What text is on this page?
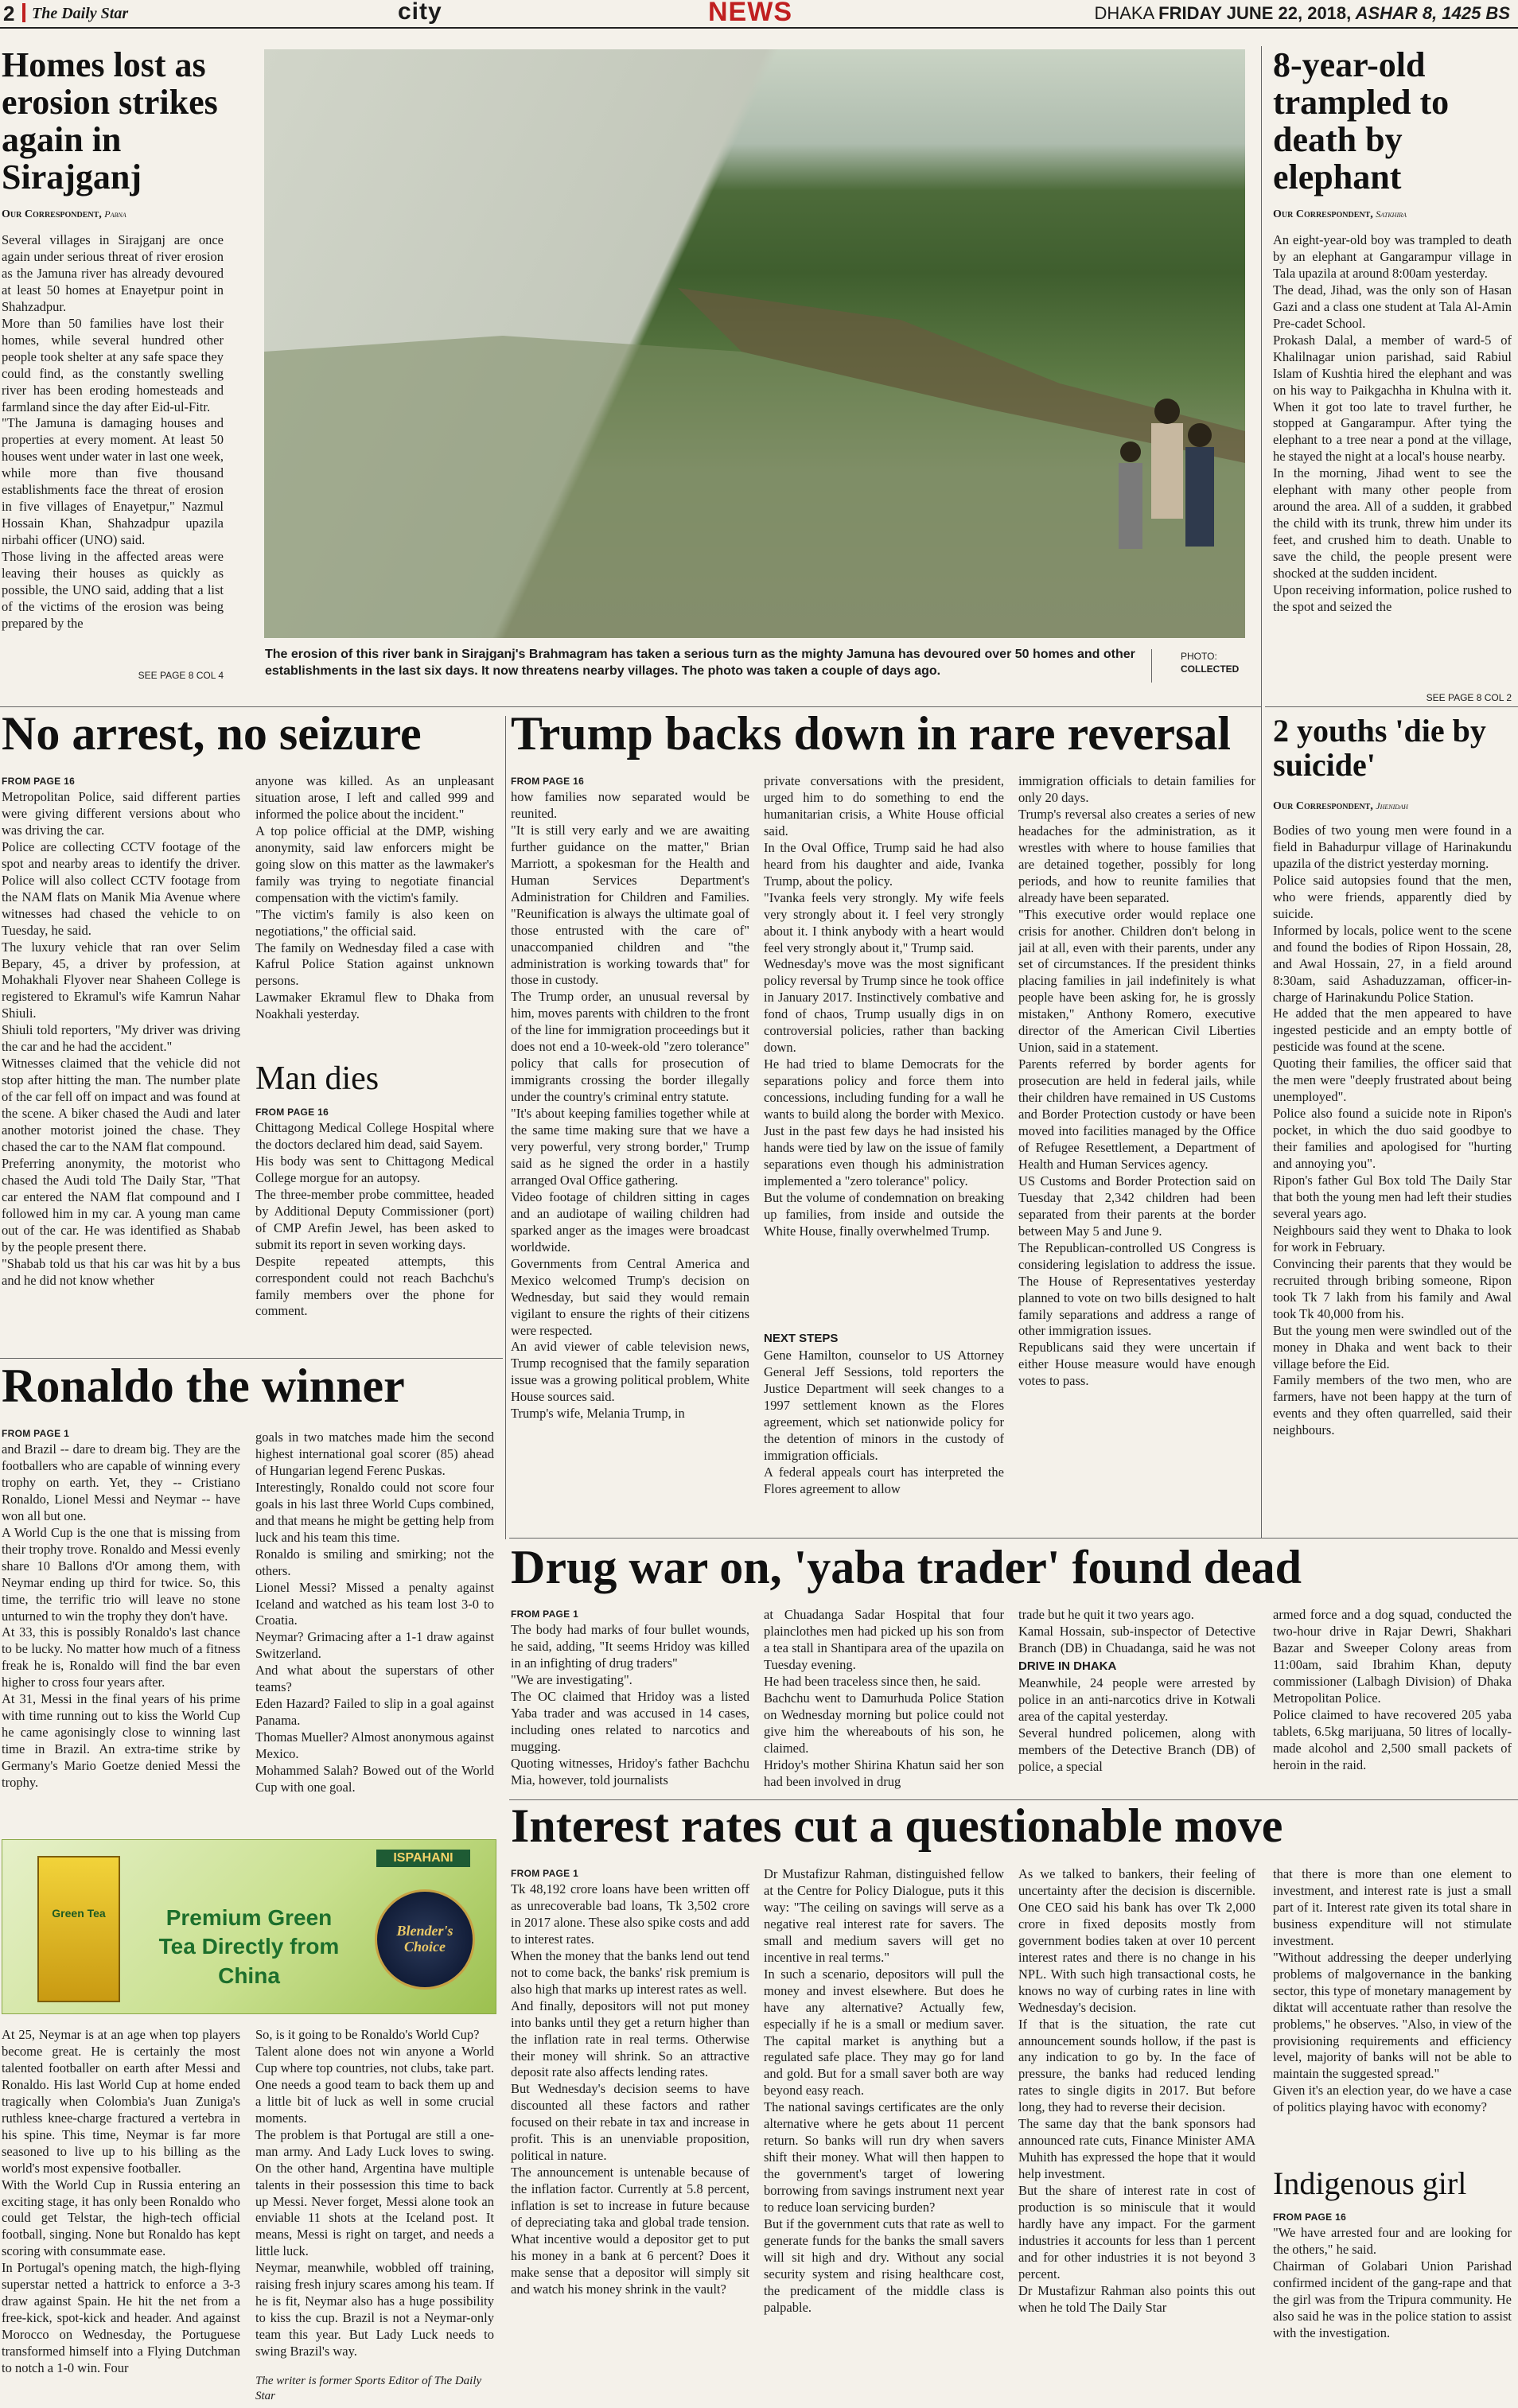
2 The Daily Star	city	NEWS	DHAKA FRIDAY JUNE 22, 2018, ASHAR 8, 1425 BS
Homes lost as erosion strikes again in Sirajganj
Our Correspondent, Pabna
Several villages in Sirajganj are once again under serious threat of river erosion as the Jamuna river has already devoured at least 50 homes at Enayetpur point in Shahzadpur.
More than 50 families have lost their homes, while several hundred other people took shelter at any safe space they could find, as the constantly swelling river has been eroding homesteads and farmland since the day after Eid-ul-Fitr.
"The Jamuna is damaging houses and properties at every moment. At least 50 houses went under water in last one week, while more than five thousand establishments face the threat of erosion in five villages of Enayetpur," Nazmul Hossain Khan, Shahzadpur upazila nirbahi officer (UNO) said.
Those living in the affected areas were leaving their houses as quickly as possible, the UNO said, adding that a list of the victims of the erosion was being prepared by the
SEE PAGE 8 COL 4
The erosion of this river bank in Sirajganj's Brahmagram has taken a serious turn as the mighty Jamuna has devoured over 50 homes and other establishments in the last six days. It now threatens nearby villages. The photo was taken a couple of days ago.
PHOTO:
COLLECTED
8-year-old trampled to death by elephant
Our Correspondent, Satkhira
An eight-year-old boy was trampled to death by an elephant at Gangarampur village in Tala upazila at around 8:00am yesterday.
The dead, Jihad, was the only son of Hasan Gazi and a class one student at Tala Al-Amin Pre-cadet School.
Prokash Dalal, a member of ward-5 of Khalilnagar union parishad, said Rabiul Islam of Kushtia hired the elephant and was on his way to Paikgachha in Khulna with it. When it got too late to travel further, he stopped at Gangarampur. After tying the elephant to a tree near a pond at the village, he stayed the night at a local's house nearby.
In the morning, Jihad went to see the elephant with many other people from around the area. All of a sudden, it grabbed the child with its trunk, threw him under its feet, and crushed him to death. Unable to save the child, the people present were shocked at the sudden incident.
Upon receiving information, police rushed to the spot and seized the
SEE PAGE 8 COL 2
No arrest, no seizure
FROM PAGE 16
Metropolitan Police, said different parties were giving different versions about who was driving the car.
Police are collecting CCTV footage of the spot and nearby areas to identify the driver. Police will also collect CCTV footage from the NAM flats on Manik Mia Avenue where witnesses had chased the vehicle to on Tuesday, he said.
The luxury vehicle that ran over Selim Bepary, 45, a driver by profession, at Mohakhali Flyover near Shaheen College is registered to Ekramul's wife Kamrun Nahar Shiuli.
Shiuli told reporters, "My driver was driving the car and he had the accident."
Witnesses claimed that the vehicle did not stop after hitting the man. The number plate of the car fell off on impact and was found at the scene. A biker chased the Audi and later another motorist joined the chase. They chased the car to the NAM flat compound.
Preferring anonymity, the motorist who chased the Audi told The Daily Star, "That car entered the NAM flat compound and I followed him in my car. A young man came out of the car. He was identified as Shabab by the people present there.
"Shabab told us that his car was hit by a bus and he did not know whether
anyone was killed. As an unpleasant situation arose, I left and called 999 and informed the police about the incident."
A top police official at the DMP, wishing anonymity, said law enforcers might be going slow on this matter as the lawmaker's family was trying to negotiate financial compensation with the victim's family.
"The victim's family is also keen on negotiations," the official said.
The family on Wednesday filed a case with Kafrul Police Station against unknown persons.
Lawmaker Ekramul flew to Dhaka from Noakhali yesterday.
Man dies
FROM PAGE 16
Chittagong Medical College Hospital where the doctors declared him dead, said Sayem.
His body was sent to Chittagong Medical College morgue for an autopsy.
The three-member probe committee, headed by Additional Deputy Commissioner (port) of CMP Arefin Jewel, has been asked to submit its report in seven working days.
Despite repeated attempts, this correspondent could not reach Bachchu's family members over the phone for comment.
Trump backs down in rare reversal
FROM PAGE 16
how families now separated would be reunited.
"It is still very early and we are awaiting further guidance on the matter," Brian Marriott, a spokesman for the Health and Human Services Department's Administration for Children and Families. "Reunification is always the ultimate goal of those entrusted with the care of" unaccompanied children and "the administration is working towards that" for those in custody.
The Trump order, an unusual reversal by him, moves parents with children to the front of the line for immigration proceedings but it does not end a 10-week-old "zero tolerance" policy that calls for prosecution of immigrants crossing the border illegally under the country's criminal entry statute.
"It's about keeping families together while at the same time making sure that we have a very powerful, very strong border," Trump said as he signed the order in a hastily arranged Oval Office gathering.
Video footage of children sitting in cages and an audiotape of wailing children had sparked anger as the images were broadcast worldwide.
Governments from Central America and Mexico welcomed Trump's decision on Wednesday, but said they would remain vigilant to ensure the rights of their citizens were respected.
An avid viewer of cable television news, Trump recognised that the family separation issue was a growing political problem, White House sources said.
Trump's wife, Melania Trump, in
private conversations with the president, urged him to do something to end the humanitarian crisis, a White House official said.
In the Oval Office, Trump said he had also heard from his daughter and aide, Ivanka Trump, about the policy.
"Ivanka feels very strongly. My wife feels very strongly about it. I feel very strongly about it. I think anybody with a heart would feel very strongly about it," Trump said.
Wednesday's move was the most significant policy reversal by Trump since he took office in January 2017. Instinctively combative and fond of chaos, Trump usually digs in on controversial policies, rather than backing down.
He had tried to blame Democrats for the separations policy and force them into concessions, including funding for a wall he wants to build along the border with Mexico. Just in the past few days he had insisted his hands were tied by law on the issue of family separations even though his administration implemented a "zero tolerance" policy.
But the volume of condemnation on breaking up families, from inside and outside the White House, finally overwhelmed Trump.
NEXT STEPS
Gene Hamilton, counselor to US Attorney General Jeff Sessions, told reporters the Justice Department will seek changes to a 1997 settlement known as the Flores agreement, which set nationwide policy for the detention of minors in the custody of immigration officials.
A federal appeals court has interpreted the Flores agreement to allow
immigration officials to detain families for only 20 days.
Trump's reversal also creates a series of new headaches for the administration, as it wrestles with where to house families that are detained together, possibly for long periods, and how to reunite families that already have been separated.
"This executive order would replace one crisis for another. Children don't belong in jail at all, even with their parents, under any set of circumstances. If the president thinks placing families in jail indefinitely is what people have been asking for, he is grossly mistaken," Anthony Romero, executive director of the American Civil Liberties Union, said in a statement.
Parents referred by border agents for prosecution are held in federal jails, while their children have remained in US Customs and Border Protection custody or have been moved into facilities managed by the Office of Refugee Resettlement, a Department of Health and Human Services agency.
US Customs and Border Protection said on Tuesday that 2,342 children had been separated from their parents at the border between May 5 and June 9.
The Republican-controlled US Congress is considering legislation to address the issue. The House of Representatives yesterday planned to vote on two bills designed to halt family separations and address a range of other immigration issues.
Republicans said they were uncertain if either House measure would have enough votes to pass.
2 youths 'die by suicide'
Our Correspondent, Jhenidah
Bodies of two young men were found in a field in Bahadurpur village of Harinakundu upazila of the district yesterday morning.
Police said autopsies found that the men, who were friends, apparently died by suicide.
Informed by locals, police went to the scene and found the bodies of Ripon Hossain, 28, and Awal Hossain, 27, in a field around 8:30am, said Ashaduzzaman, officer-in-charge of Harinakundu Police Station.
He added that the men appeared to have ingested pesticide and an empty bottle of pesticide was found at the scene.
Quoting their families, the officer said that the men were "deeply frustrated about being unemployed".
Police also found a suicide note in Ripon's pocket, in which the duo said goodbye to their families and apologised for "hurting and annoying you".
Ripon's father Gul Box told The Daily Star that both the young men had left their studies several years ago.
Neighbours said they went to Dhaka to look for work in February.
Convincing their parents that they would be recruited through bribing someone, Ripon took Tk 7 lakh from his family and Awal took Tk 40,000 from his.
But the young men were swindled out of the money in Dhaka and went back to their village before the Eid.
Family members of the two men, who are farmers, have not been happy at the turn of events and they often quarrelled, said their neighbours.
Ronaldo the winner
FROM PAGE 1
and Brazil -- dare to dream big. They are the footballers who are capable of winning every trophy on earth. Yet, they -- Cristiano Ronaldo, Lionel Messi and Neymar -- have won all but one.
A World Cup is the one that is missing from their trophy trove. Ronaldo and Messi evenly share 10 Ballons d'Or among them, with Neymar ending up third for twice. So, this time, the terrific trio will leave no stone unturned to win the trophy they don't have.
At 33, this is possibly Ronaldo's last chance to be lucky. No matter how much of a fitness freak he is, Ronaldo will find the bar even higher to cross four years after.
At 31, Messi in the final years of his prime with time running out to kiss the World Cup he came agonisingly close to winning last time in Brazil. An extra-time strike by Germany's Mario Goetze denied Messi the trophy.
goals in two matches made him the second highest international goal scorer (85) ahead of Hungarian legend Ferenc Puskas.
Interestingly, Ronaldo could not score four goals in his last three World Cups combined, and that means he might be getting help from luck and his team this time.
Ronaldo is smiling and smirking; not the others.
Lionel Messi? Missed a penalty against Iceland and watched as his team lost 3-0 to Croatia.
Neymar? Grimacing after a 1-1 draw against Switzerland.
And what about the superstars of other teams?
Eden Hazard? Failed to slip in a goal against Panama.
Thomas Mueller? Almost anonymous against Mexico.
Mohammed Salah? Bowed out of the World Cup with one goal.
Green Tea	Premium Green Tea Directly from China
ISPAHANI
Blender's Choice
At 25, Neymar is at an age when top players become great. He is certainly the most talented footballer on earth after Messi and Ronaldo. His last World Cup at home ended tragically when Colombia's Juan Zuniga's ruthless knee-charge fractured a vertebra in his spine. This time, Neymar is far more seasoned to live up to his billing as the world's most expensive footballer.
With the World Cup in Russia entering an exciting stage, it has only been Ronaldo who could get Telstar, the high-tech official football, singing. None but Ronaldo has kept scoring with consummate ease.
In Portugal's opening match, the high-flying superstar netted a hattrick to enforce a 3-3 draw against Spain. He hit the net from a free-kick, spot-kick and header. And against Morocco on Wednesday, the Portuguese transformed himself into a Flying Dutchman to notch a 1-0 win. Four
So, is it going to be Ronaldo's World Cup?
Talent alone does not win anyone a World Cup where top countries, not clubs, take part. One needs a good team to back them up and a little bit of luck as well in some crucial moments.
The problem is that Portugal are still a one-man army. And Lady Luck loves to swing. On the other hand, Argentina have multiple talents in their possession this time to back up Messi. Never forget, Messi alone took an enviable 11 shots at the Iceland post. It means, Messi is right on target, and needs a little luck.
Neymar, meanwhile, wobbled off training, raising fresh injury scares among his team. If he is fit, Neymar also has a huge possibility to kiss the cup. Brazil is not a Neymar-only team this year. But Lady Luck needs to swing Brazil's way.
The writer is former Sports Editor of The Daily Star
Drug war on, 'yaba trader' found dead
FROM PAGE 1
The body had marks of four bullet wounds, he said, adding, "It seems Hridoy was killed in an infighting of drug traders"
"We are investigating".
The OC claimed that Hridoy was a listed Yaba trader and was accused in 14 cases, including ones related to narcotics and mugging.
Quoting witnesses, Hridoy's father Bachchu Mia, however, told journalists
at Chuadanga Sadar Hospital that four plainclothes men had picked up his son from a tea stall in Shantipara area of the upazila on Tuesday evening.
He had been traceless since then, he said.
Bachchu went to Damurhuda Police Station on Wednesday morning but police could not give him the whereabouts of his son, he claimed.
Hridoy's mother Shirina Khatun said her son had been involved in drug
trade but he quit it two years ago.
Kamal Hossain, sub-inspector of Detective Branch (DB) in Chuadanga, said he was not
DRIVE IN DHAKA
Meanwhile, 24 people were arrested by police in an anti-narcotics drive in Kotwali area of the capital yesterday.
Several hundred policemen, along with members of the Detective Branch (DB) of police, a special
armed force and a dog squad, conducted the two-hour drive in Rajar Dewri, Shakhari Bazar and Sweeper Colony areas from 11:00am, said Ibrahim Khan, deputy commissioner (Lalbagh Division) of Dhaka Metropolitan Police.
Police claimed to have recovered 205 yaba tablets, 6.5kg marijuana, 50 litres of locally-made alcohol and 2,500 small packets of heroin in the raid.
Interest rates cut a questionable move
FROM PAGE 1
Tk 48,192 crore loans have been written off as unrecoverable bad loans, Tk 3,502 crore in 2017 alone. These also spike costs and add to interest rates.
When the money that the banks lend out tend not to come back, the banks' risk premium is also high that marks up interest rates as well.
And finally, depositors will not put money into banks until they get a return higher than the inflation rate in real terms. Otherwise their money will shrink. So an attractive deposit rate also affects lending rates.
But Wednesday's decision seems to have discounted all these factors and rather focused on their rebate in tax and increase in profit. This is an unenviable proposition, political in nature.
The announcement is untenable because of the inflation factor. Currently at 5.8 percent, inflation is set to increase in future because of depreciating taka and global trade tension. What incentive would a depositor get to put his money in a bank at 6 percent? Does it make sense that a depositor will simply sit and watch his money shrink in the vault?
Dr Mustafizur Rahman, distinguished fellow at the Centre for Policy Dialogue, puts it this way: "The ceiling on savings will serve as a negative real interest rate for savers. The small and medium savers will get no incentive in real terms."
In such a scenario, depositors will pull the money and invest elsewhere. But does he have any alternative? Actually few, especially if he is a small or medium saver. The capital market is anything but a regulated safe place. They may go for land and gold. But for a small saver both are way beyond easy reach.
The national savings certificates are the only alternative where he gets about 11 percent return. So banks will run dry when savers shift their money. What will then happen to the government's target of lowering borrowing from savings instrument next year to reduce loan servicing burden?
But if the government cuts that rate as well to generate funds for the banks the small savers will sit high and dry. Without any social security system and rising healthcare cost, the predicament of the middle class is palpable.
As we talked to bankers, their feeling of uncertainty after the decision is discernible. One CEO said his bank has over Tk 2,000 crore in fixed deposits mostly from government bodies taken at over 10 percent interest rates and there is no change in his NPL. With such high transactional costs, he knows no way of curbing rates in line with Wednesday's decision.
If that is the situation, the rate cut announcement sounds hollow, if the past is any indication to go by. In the face of pressure, the banks had reduced lending rates to single digits in 2017. But before long, they had to reverse their decision.
The same day that the bank sponsors had announced rate cuts, Finance Minister AMA Muhith has expressed the hope that it would help investment.
But the share of interest rate in cost of production is so miniscule that it would hardly have any impact. For the garment industries it accounts for less than 1 percent and for other industries it is not beyond 3 percent.
Dr Mustafizur Rahman also points this out when he told The Daily Star
that there is more than one element to investment, and interest rate is just a small part of it. Interest rate given its total share in business expenditure will not stimulate investment.
"Without addressing the deeper underlying problems of malgovernance in the banking sector, this type of monetary management by diktat will accentuate rather than resolve the problems," he observes. "Also, in view of the provisioning requirements and efficiency level, majority of banks will not be able to maintain the suggested spread."
Given it's an election year, do we have a case of politics playing havoc with economy?
Indigenous girl
FROM PAGE 16
"We have arrested four and are looking for the others," he said.
Chairman of Golabari Union Parishad confirmed incident of the gang-rape and that the girl was from the Tripura community. He also said he was in the police station to assist with the investigation.
